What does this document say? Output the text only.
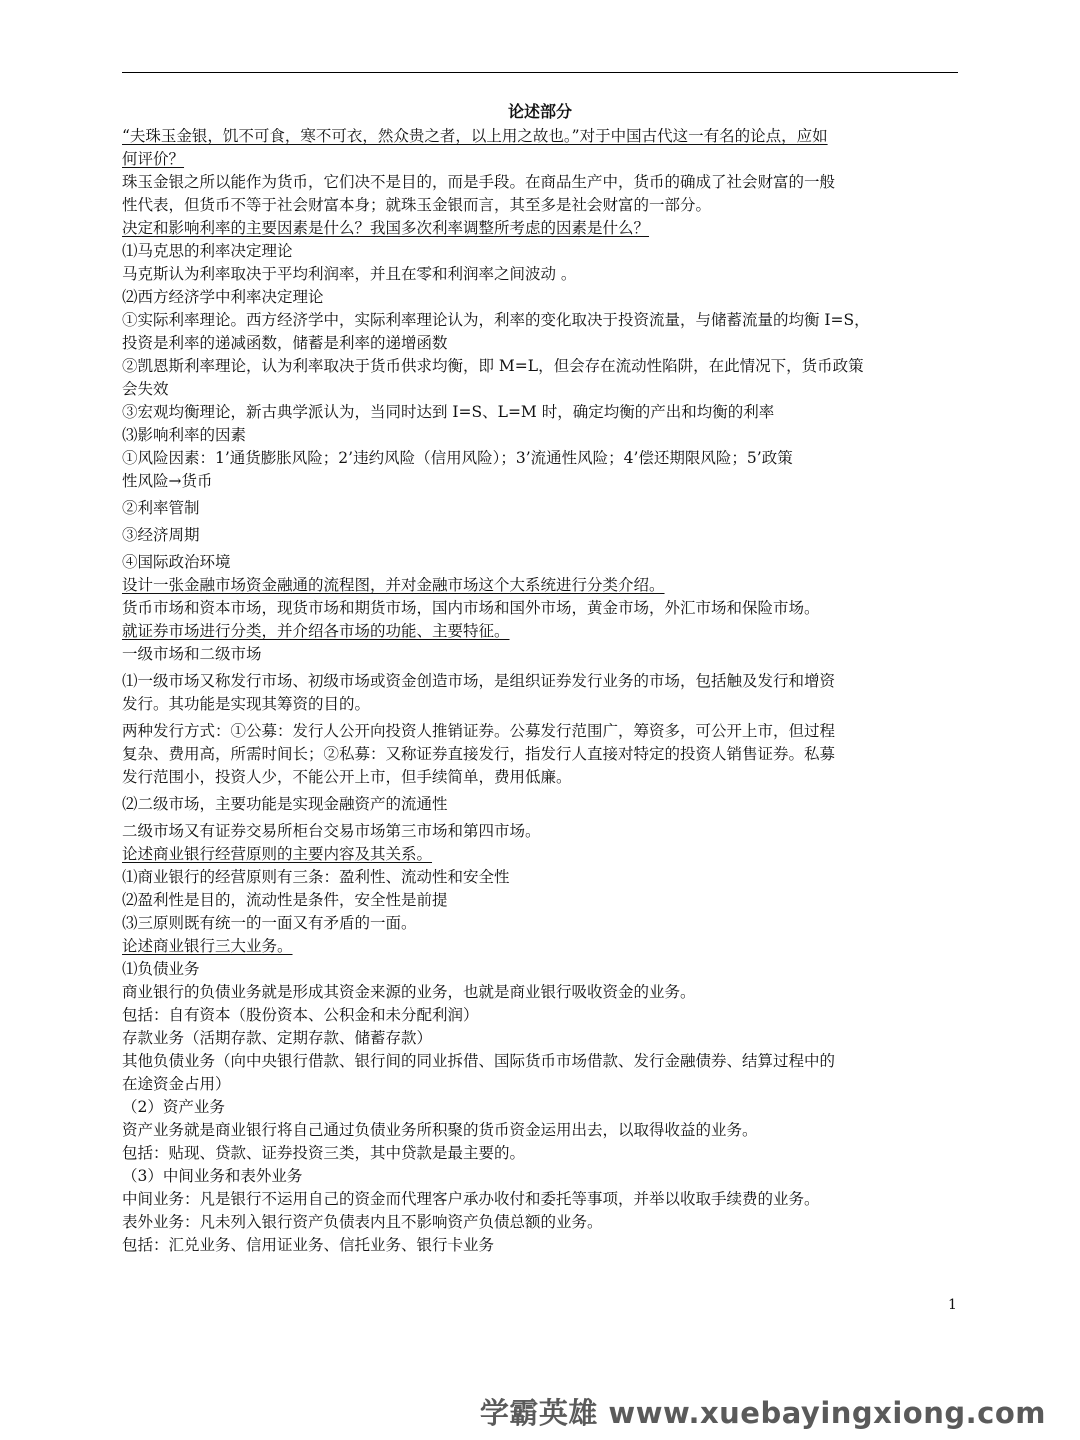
论述部分
“夫珠玉金银，饥不可食，寒不可衣，然众贵之者，以上用之故也。”对于中国古代这一有名的论点，应如
何评价？
珠玉金银之所以能作为货币，它们决不是目的，而是手段。在商品生产中，货币的确成了社会财富的一般
性代表，但货币不等于社会财富本身；就珠玉金银而言，其至多是社会财富的一部分。
决定和影响利率的主要因素是什么？我国多次利率调整所考虑的因素是什么？
⑴马克思的利率决定理论
马克斯认为利率取决于平均利润率，并且在零和利润率之间波动 。
⑵西方经济学中利率决定理论
①实际利率理论。西方经济学中，实际利率理论认为，利率的变化取决于投资流量，与储蓄流量的均衡 I=S，
投资是利率的递减函数，储蓄是利率的递增函数
②凯恩斯利率理论，认为利率取决于货币供求均衡，即 M=L，但会存在流动性陷阱，在此情况下，货币政策
会失效
③宏观均衡理论，新古典学派认为，当同时达到 I=S、L=M 时，确定均衡的产出和均衡的利率
⑶影响利率的因素
①风险因素：1’通货膨胀风险；2’违约风险（信用风险）；3’流通性风险；4’偿还期限风险；5’政策
性风险→货币
②利率管制
③经济周期
④国际政治环境
设计一张金融市场资金融通的流程图，并对金融市场这个大系统进行分类介绍。
货币市场和资本市场，现货市场和期货市场，国内市场和国外市场，黄金市场，外汇市场和保险市场。
就证券市场进行分类，并介绍各市场的功能、主要特征。
一级市场和二级市场
⑴一级市场又称发行市场、初级市场或资金创造市场，是组织证券发行业务的市场，包括触及发行和增资
发行。其功能是实现其筹资的目的。
两种发行方式：①公募：发行人公开向投资人推销证券。公募发行范围广，筹资多，可公开上市，但过程
复杂、费用高，所需时间长；②私募：又称证券直接发行，指发行人直接对特定的投资人销售证券。私募
发行范围小，投资人少，不能公开上市，但手续简单，费用低廉。
⑵二级市场，主要功能是实现金融资产的流通性
二级市场又有证券交易所柜台交易市场第三市场和第四市场。
论述商业银行经营原则的主要内容及其关系。
⑴商业银行的经营原则有三条：盈利性、流动性和安全性
⑵盈利性是目的，流动性是条件，安全性是前提
⑶三原则既有统一的一面又有矛盾的一面。
论述商业银行三大业务。
⑴负债业务
商业银行的负债业务就是形成其资金来源的业务，也就是商业银行吸收资金的业务。
包括：自有资本（股份资本、公积金和未分配利润）
存款业务（活期存款、定期存款、储蓄存款）
其他负债业务（向中央银行借款、银行间的同业拆借、国际货币市场借款、发行金融债券、结算过程中的
在途资金占用）
（2）资产业务
资产业务就是商业银行将自己通过负债业务所积聚的货币资金运用出去，以取得收益的业务。
包括：贴现、贷款、证券投资三类，其中贷款是最主要的。
（3）中间业务和表外业务
中间业务：凡是银行不运用自己的资金而代理客户承办收付和委托等事项，并举以收取手续费的业务。
表外业务：凡未列入银行资产负债表内且不影响资产负债总额的业务。
包括：汇兑业务、信用证业务、信托业务、银行卡业务
1
学霸英雄 www.xuebayingxiong.com
